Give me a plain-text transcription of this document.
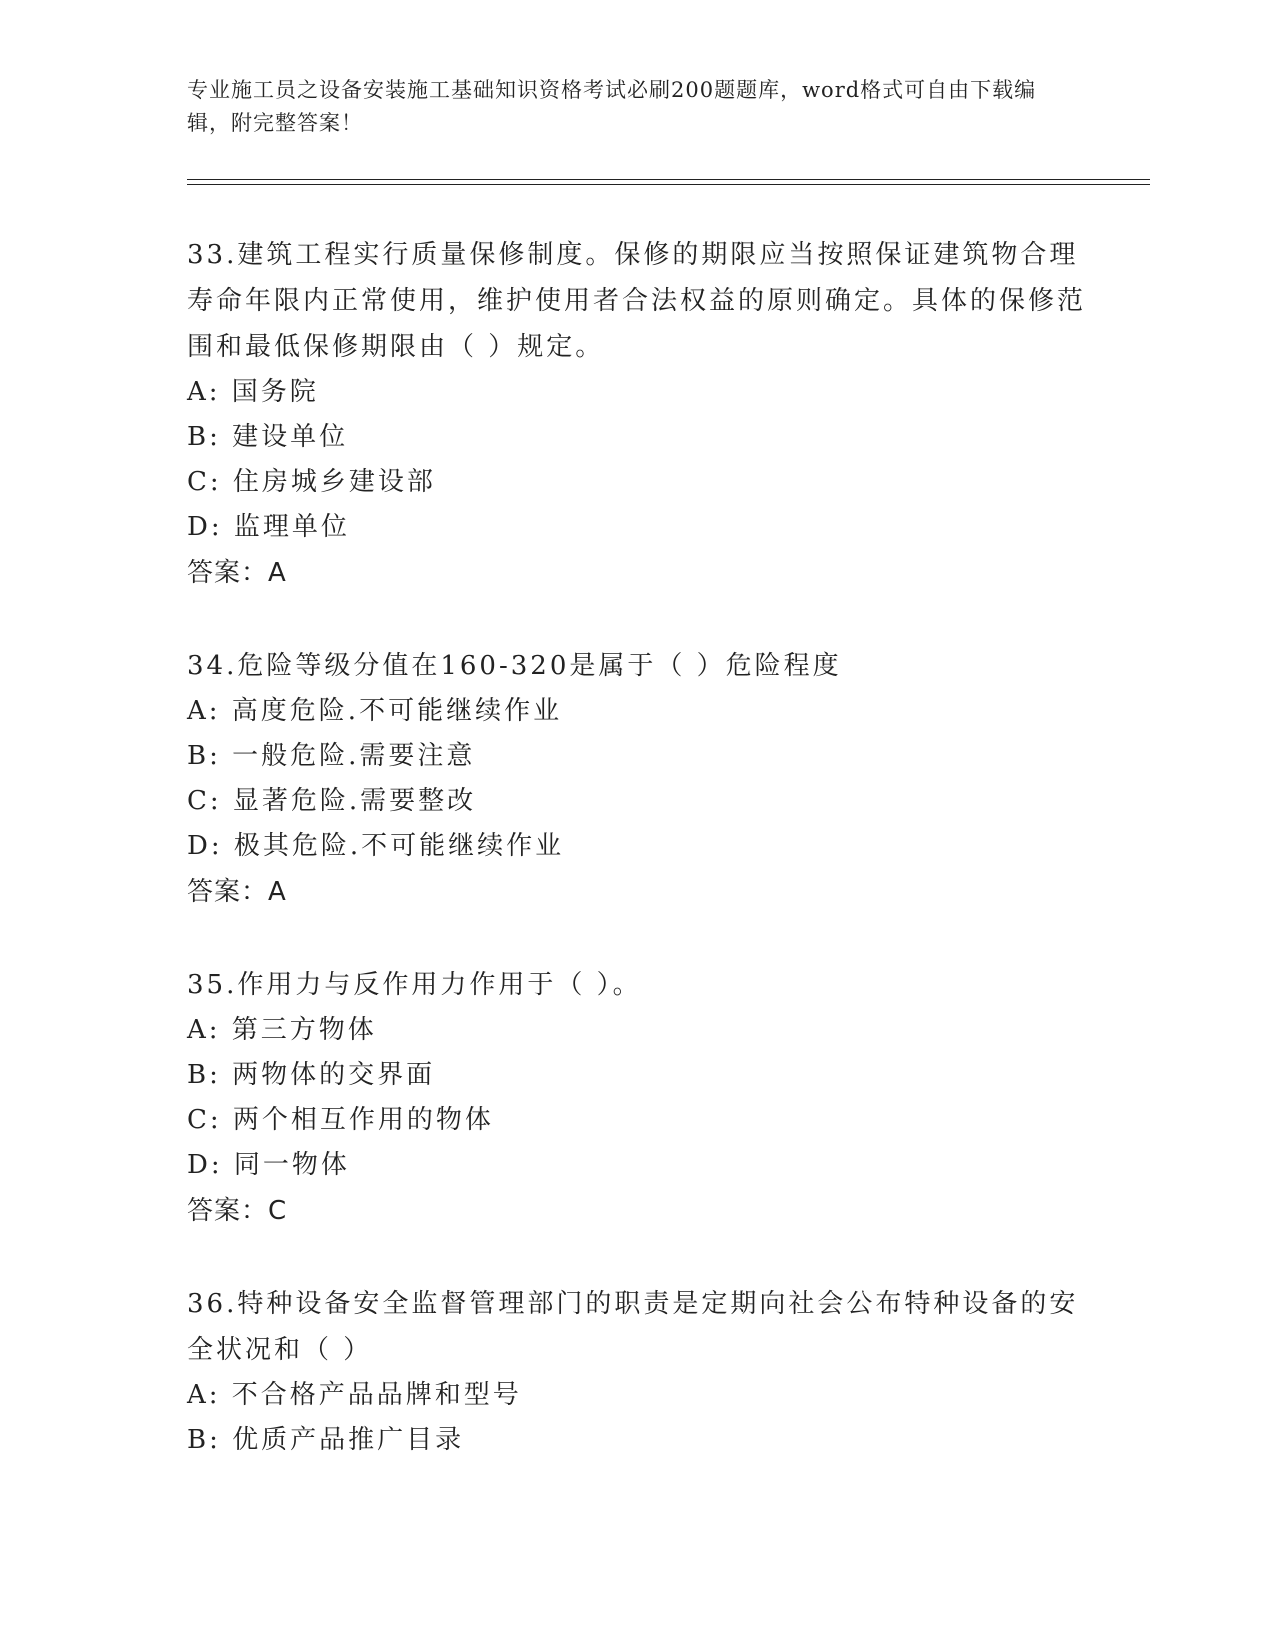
专业施工员之设备安装施工基础知识资格考试必刷200题题库，word格式可自由下载编辑，附完整答案！
33.建筑工程实行质量保修制度。保修的期限应当按照保证建筑物合理寿命年限内正常使用，维护使用者合法权益的原则确定。具体的保修范围和最低保修期限由（ ）规定。
A: 国务院
B: 建设单位
C: 住房城乡建设部
D: 监理单位
答案：A
34.危险等级分值在160-320是属于（ ）危险程度
A: 高度危险.不可能继续作业
B: 一般危险.需要注意
C: 显著危险.需要整改
D: 极其危险.不可能继续作业
答案：A
35.作用力与反作用力作用于（ ）。
A: 第三方物体
B: 两物体的交界面
C: 两个相互作用的物体
D: 同一物体
答案：C
36.特种设备安全监督管理部门的职责是定期向社会公布特种设备的安全状况和（ ）
A: 不合格产品品牌和型号
B: 优质产品推广目录
